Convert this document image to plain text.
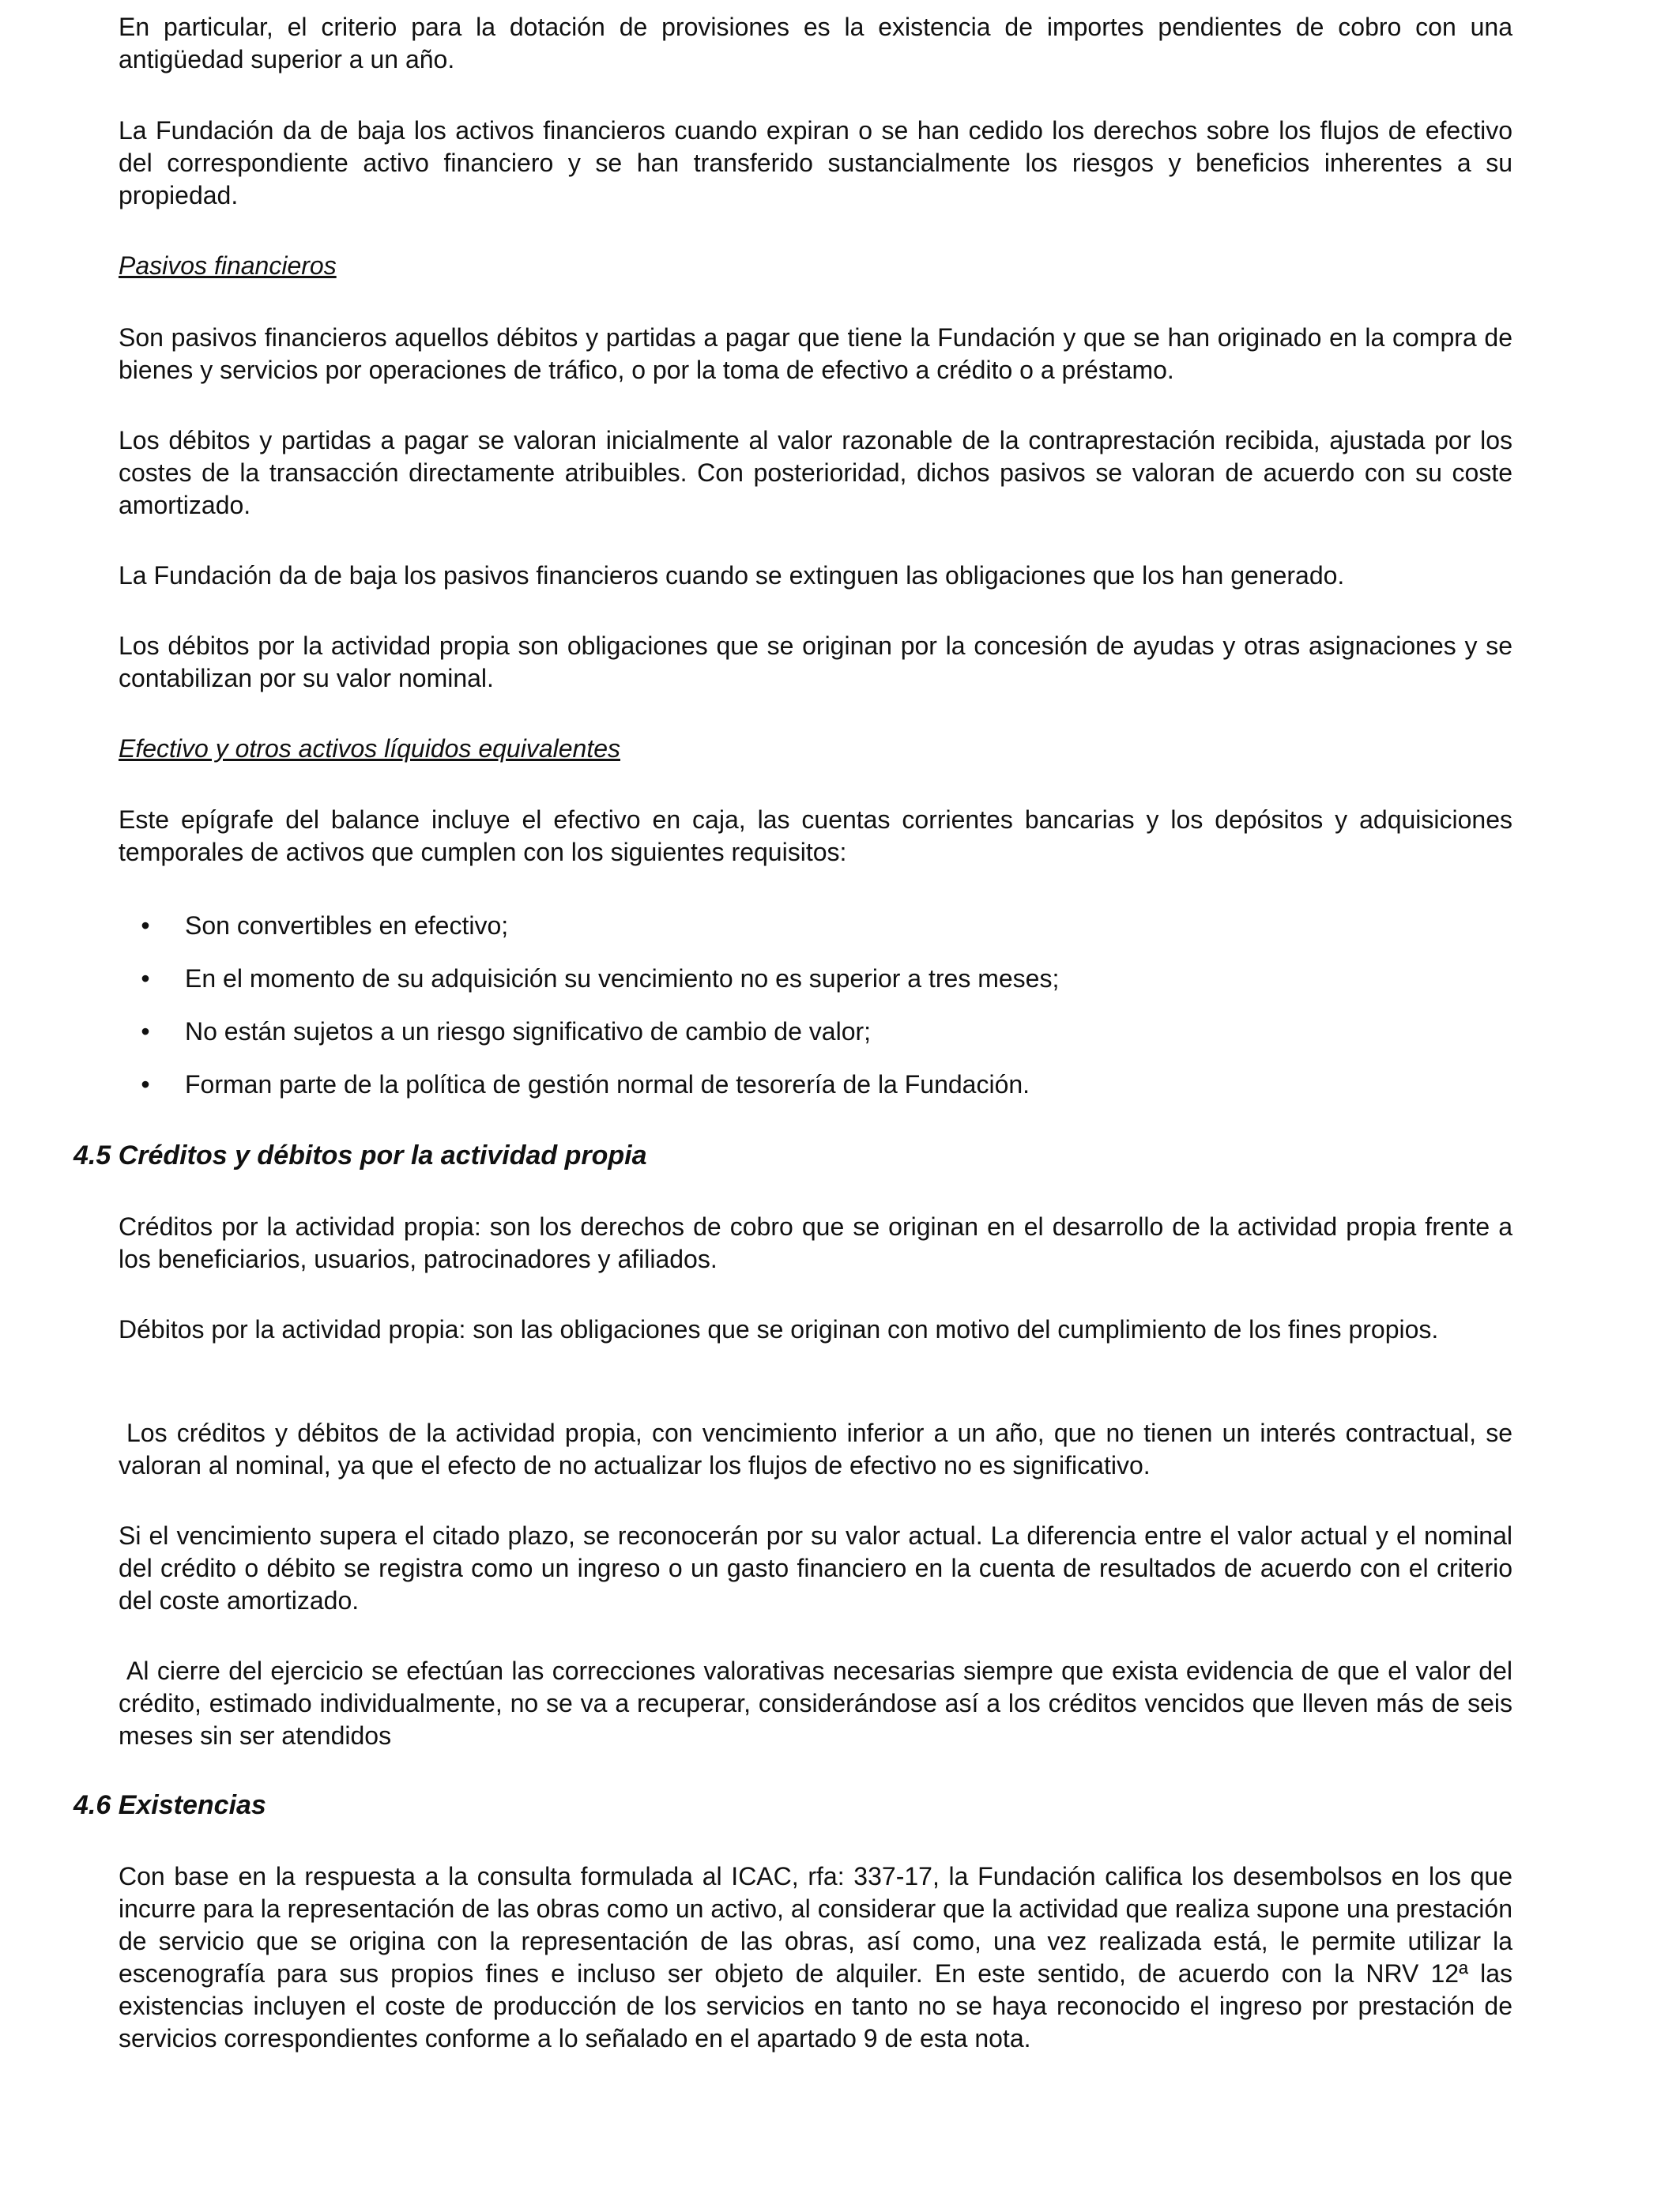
En particular, el criterio para la dotación de provisiones es la existencia de importes pendientes de cobro con una antigüedad superior a un año.

La Fundación da de baja los activos financieros cuando expiran o se han cedido los derechos sobre los flujos de efectivo del correspondiente activo financiero y se han transferido sustancialmente los riesgos y beneficios inherentes a su propiedad.

Pasivos financieros

Son pasivos financieros aquellos débitos y partidas a pagar que tiene la Fundación y que se han originado en la compra de bienes y servicios por operaciones de tráfico, o por la toma de efectivo a crédito o a préstamo.

Los débitos y partidas a pagar se valoran inicialmente al valor razonable de la contraprestación recibida, ajustada por los costes de la transacción directamente atribuibles. Con posterioridad, dichos pasivos se valoran de acuerdo con su coste amortizado.

La Fundación da de baja los pasivos financieros cuando se extinguen las obligaciones que los han generado.

Los débitos por la actividad propia son obligaciones que se originan por la concesión de ayudas y otras asignaciones y se contabilizan por su valor nominal.

Efectivo y otros activos líquidos equivalentes

Este epígrafe del balance incluye el efectivo en caja, las cuentas corrientes bancarias y los depósitos y adquisiciones temporales de activos que cumplen con los siguientes requisitos:

• Son convertibles en efectivo;
• En el momento de su adquisición su vencimiento no es superior a tres meses;
• No están sujetos a un riesgo significativo de cambio de valor;
• Forman parte de la política de gestión normal de tesorería de la Fundación.
4.5 Créditos y débitos por la actividad propia

Créditos por la actividad propia: son los derechos de cobro que se originan en el desarrollo de la actividad propia frente a los beneficiarios, usuarios, patrocinadores y afiliados.

Débitos por la actividad propia: son las obligaciones que se originan con motivo del cumplimiento de los fines propios.

Los créditos y débitos de la actividad propia, con vencimiento inferior a un año, que no tienen un interés contractual, se valoran al nominal, ya que el efecto de no actualizar los flujos de efectivo no es significativo.

Si el vencimiento supera el citado plazo, se reconocerán por su valor actual. La diferencia entre el valor actual y el nominal del crédito o débito se registra como un ingreso o un gasto financiero en la cuenta de resultados de acuerdo con el criterio del coste amortizado.

Al cierre del ejercicio se efectúan las correcciones valorativas necesarias siempre que exista evidencia de que el valor del crédito, estimado individualmente, no se va a recuperar, considerándose así a los créditos vencidos que lleven más de seis meses sin ser atendidos

4.6 Existencias

Con base en la respuesta a la consulta formulada al ICAC, rfa: 337-17, la Fundación califica los desembolsos en los que incurre para la representación de las obras como un activo, al considerar que la actividad que realiza supone una prestación de servicio que se origina con la representación de las obras, así como, una vez realizada está, le permite utilizar la escenografía para sus propios fines e incluso ser objeto de alquiler. En este sentido, de acuerdo con la NRV 12ª las existencias incluyen el coste de producción de los servicios en tanto no se haya reconocido el ingreso por prestación de servicios correspondientes conforme a lo señalado en el apartado 9 de esta nota.
